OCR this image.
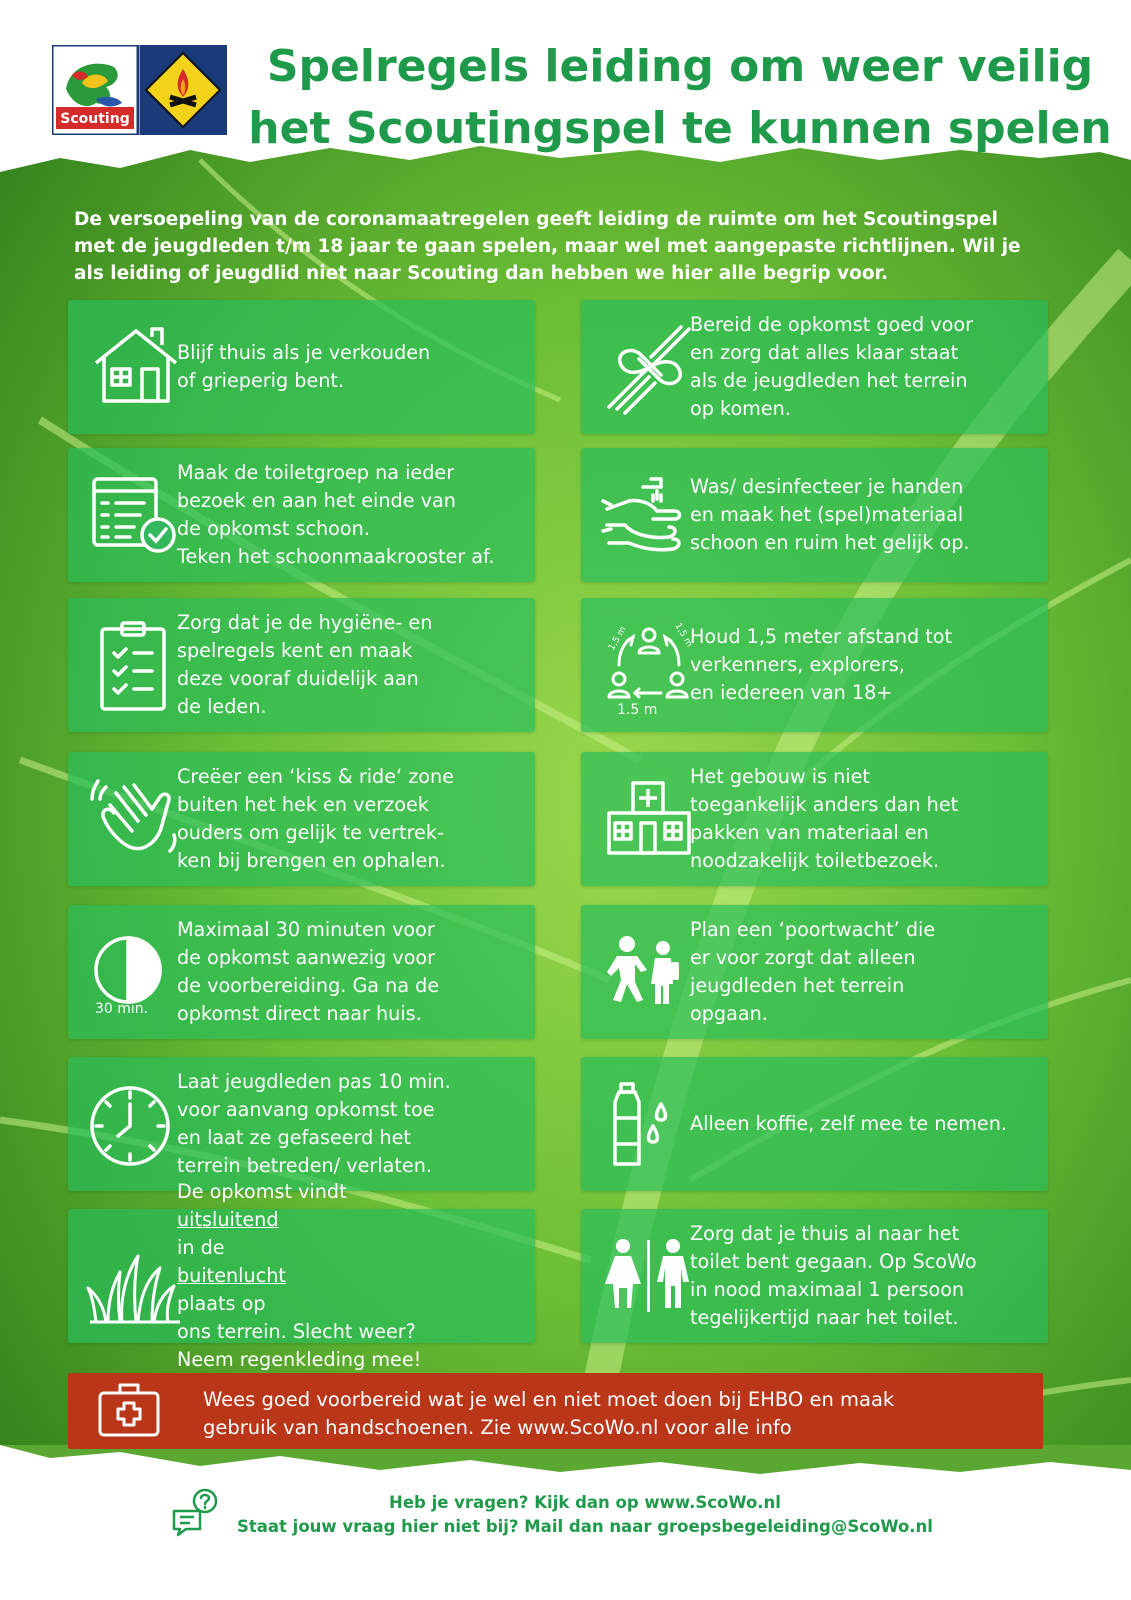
Scouting
Spelregels leiding om weer veilig
het Scoutingspel te kunnen spelen
De versoepeling van de coronamaatregelen geeft leiding de ruimte om het Scoutingspel
met de jeugdleden t/m 18 jaar te gaan spelen, maar wel met aangepaste richtlijnen. Wil je
als leiding of jeugdlid niet naar Scouting dan hebben we hier alle begrip voor.
Blijf thuis als je verkouden
of grieperig bent.
Bereid de opkomst goed voor
en zorg dat alles klaar staat
als de jeugdleden het terrein
op komen.
Maak de toiletgroep na ieder
bezoek en aan het einde van
de opkomst schoon.
Teken het schoonmaakrooster af.
Was/ desinfecteer je handen
en maak het (spel)materiaal
schoon en ruim het gelijk op.
Zorg dat je de hygiëne- en
spelregels kent en maak
deze vooraf duidelijk aan
de leden.
1,5 m	1,5 m
1.5 m
Houd 1,5 meter afstand tot
verkenners, explorers,
en iedereen van 18+
Creëer een ‘kiss & ride‘ zone
buiten het hek en verzoek
ouders om gelijk te vertrek-
ken bij brengen en ophalen.
Het gebouw is niet
toegankelijk anders dan het
pakken van materiaal en
noodzakelijk toiletbezoek.
30 min.
Maximaal 30 minuten voor
de opkomst aanwezig voor
de voorbereiding. Ga na de
opkomst direct naar huis.
Plan een ‘poortwacht’ die
er voor zorgt dat alleen
jeugdleden het terrein
opgaan.
Laat jeugdleden pas 10 min.
voor aanvang opkomst toe
en laat ze gefaseerd het
terrein betreden/ verlaten.
Alleen koffie, zelf mee te nemen.
De opkomst vindt
uitsluitend
in de
buitenlucht
plaats op
ons terrein. Slecht weer?
Neem regenkleding mee!
Zorg dat je thuis al naar het
toilet bent gegaan. Op ScoWo
in nood maximaal 1 persoon
tegelijkertijd naar het toilet.
Wees goed voorbereid wat je wel en niet moet doen bij EHBO en maak
gebruik van handschoenen. Zie www.ScoWo.nl voor alle info
Heb je vragen? Kijk dan op www.ScoWo.nl
Staat jouw vraag hier niet bij? Mail dan naar groepsbegeleiding@ScoWo.nl
